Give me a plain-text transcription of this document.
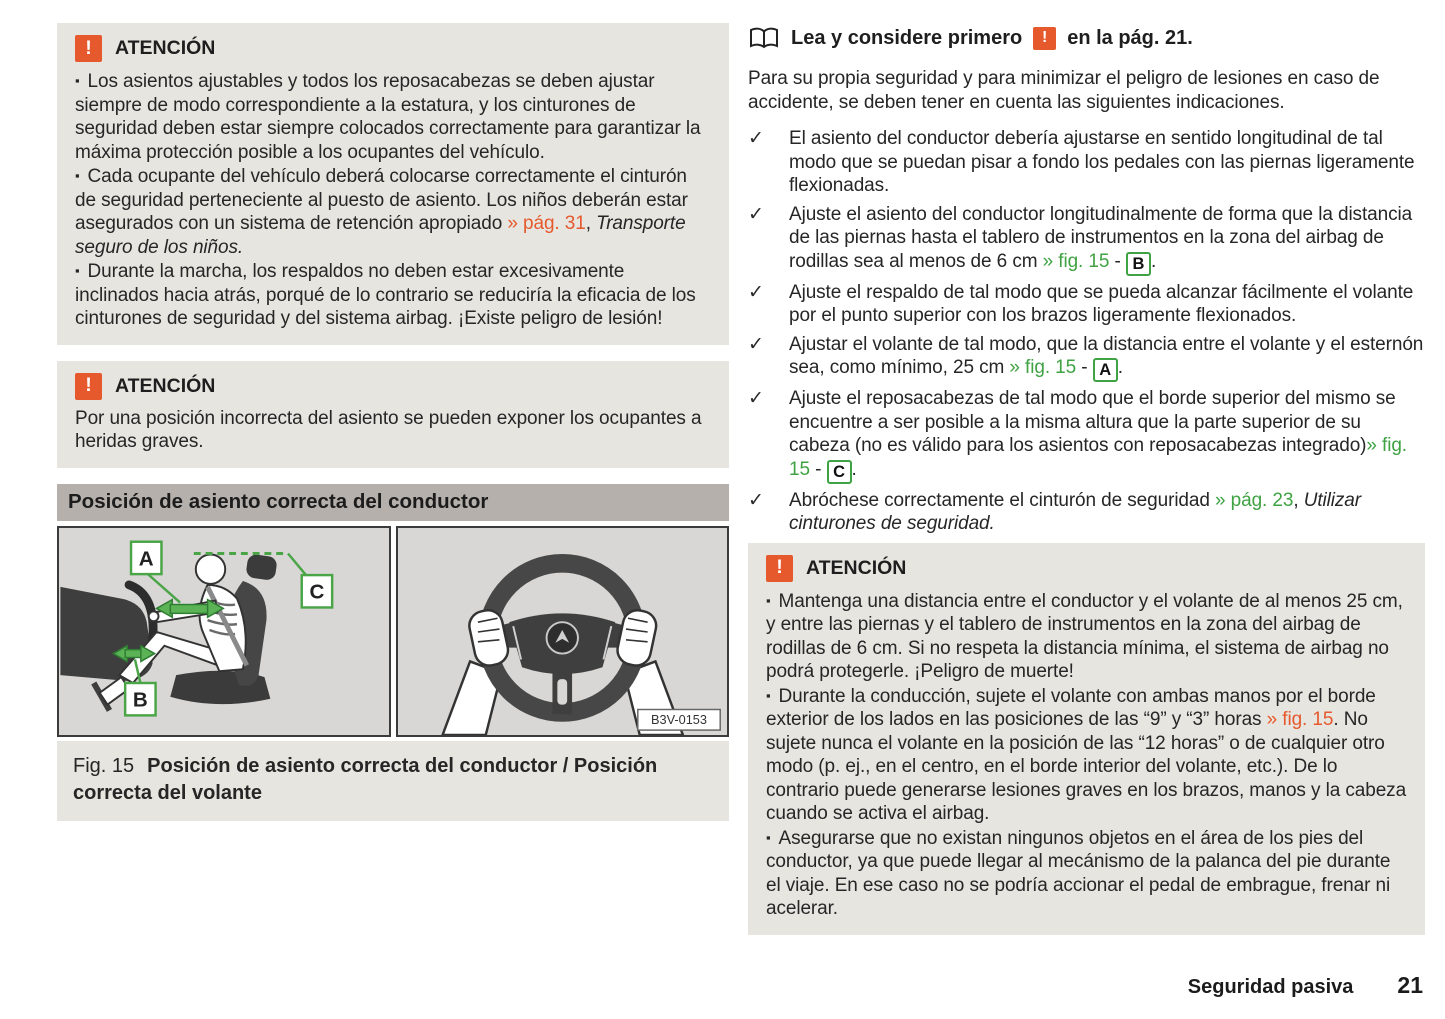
!	ATENCIÓN

▪ Los asientos ajustables y todos los reposacabezas se deben ajustar siempre de modo correspondiente a la estatura, y los cinturones de seguridad deben estar siempre colocados correctamente para garantizar la máxima protección posible a los ocupantes del vehículo.

▪ Cada ocupante del vehículo deberá colocarse correctamente el cinturón de seguridad perteneciente al puesto de asiento. Los niños deberán estar asegurados con un sistema de retención apropiado » pág. 31, Transporte seguro de los niños.

▪ Durante la marcha, los respaldos no deben estar excesivamente inclinados hacia atrás, porqué de lo contrario se reduciría la eficacia de los cinturones de seguridad y del sistema airbag. ¡Existe peligro de lesión!

!	ATENCIÓN

Por una posición incorrecta del asiento se pueden exponer los ocupantes a heridas graves.

Posición de asiento correcta del conductor
A
C
B
B3V-0153
Fig. 15 Posición de asiento correcta del conductor / Posición correcta del volante
Lea y considere primero	! en la pág. 21.

Para su propia seguridad y para minimizar el peligro de lesiones en caso de accidente, se deben tener en cuenta las siguientes indicaciones.

✓	El asiento del conductor debería ajustarse en sentido longitudinal de tal modo que se puedan pisar a fondo los pedales con las piernas ligeramente flexionadas.

✓	Ajuste el asiento del conductor longitudinalmente de forma que la distancia de las piernas hasta el tablero de instrumentos en la zona del airbag de rodillas sea al menos de 6 cm » fig. 15 - B .

✓	Ajuste el respaldo de tal modo que se pueda alcanzar fácilmente el volante por el punto superior con los brazos ligeramente flexionados.

✓	Ajustar el volante de tal modo, que la distancia entre el volante y el esternón sea, como mínimo, 25 cm » fig. 15 - A .

✓	Ajuste el reposacabezas de tal modo que el borde superior del mismo se encuentre a ser posible a la misma altura que la parte superior de su cabeza (no es válido para los asientos con reposacabezas integrado)» fig. 15 - C .

✓	Abróchese correctamente el cinturón de seguridad » pág. 23, Utilizar cinturones de seguridad.

!	ATENCIÓN

▪ Mantenga una distancia entre el conductor y el volante de al menos 25 cm, y entre las piernas y el tablero de instrumentos en la zona del airbag de rodillas de 6 cm. Si no respeta la distancia mínima, el sistema de airbag no podrá protegerle. ¡Peligro de muerte!

▪ Durante la conducción, sujete el volante con ambas manos por el borde exterior de los lados en las posiciones de las “9” y “3” horas » fig. 15. No sujete nunca el volante en la posición de las “12 horas” o de cualquier otro modo (p. ej., en el centro, en el borde interior del volante, etc.). De lo contrario puede generarse lesiones graves en los brazos, manos y la cabeza cuando se activa el airbag.

▪ Asegurarse que no existan ningunos objetos en el área de los pies del conductor, ya que puede llegar al mecánismo de la palanca del pie durante el viaje. En ese caso no se podría accionar el pedal de embrague, frenar ni acelerar.

Seguridad pasiva 21
